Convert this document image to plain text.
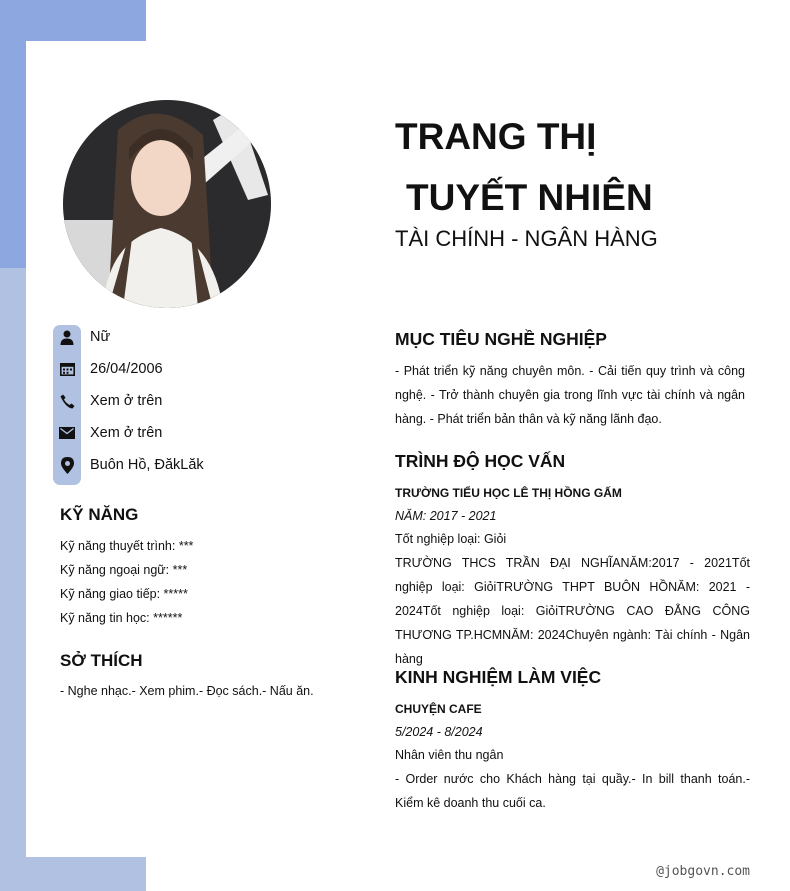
Nữ
26/04/2006
Xem ở trên
Xem ở trên
Buôn Hồ, ĐăkLăk
KỸ NĂNG
Kỹ năng thuyết trình: ***
Kỹ năng ngoại ngữ: ***
Kỹ năng giao tiếp: *****
Kỹ năng tin học: ******
SỞ THÍCH
- Nghe nhạc.- Xem phim.- Đọc sách.- Nấu ăn.
TRANG THỊ
TUYẾT NHIÊN
TÀI CHÍNH - NGÂN HÀNG
MỤC TIÊU NGHỀ NGHIỆP

- Phát triển kỹ năng chuyên môn. - Cải tiến quy trình và công nghệ. - Trở thành chuyên gia trong lĩnh vực tài chính và ngân hàng. - Phát triển bản thân và kỹ năng lãnh đạo.

TRÌNH ĐỘ HỌC VẤN
TRƯỜNG TIỂU HỌC LÊ THỊ HỒNG GẤM
NĂM: 2017 - 2021
Tốt nghiệp loại: Giỏi

TRƯỜNG THCS TRẦN ĐẠI NGHĨANĂM:2017 - 2021Tốt nghiệp loại: GiỏiTRƯỜNG THPT BUÔN HỒNĂM: 2021 - 2024Tốt nghiệp loại: GiỏiTRƯỜNG CAO ĐẲNG CÔNG THƯƠNG TP.HCMNĂM: 2024Chuyên ngành: Tài chính - Ngân hàng

KINH NGHIỆM LÀM VIỆC
CHUYỆN CAFE
5/2024 - 8/2024
Nhân viên thu ngân

- Order nước cho Khách hàng tại quầy.- In bill thanh toán.- Kiểm kê doanh thu cuối ca.

@jobgovn.com
